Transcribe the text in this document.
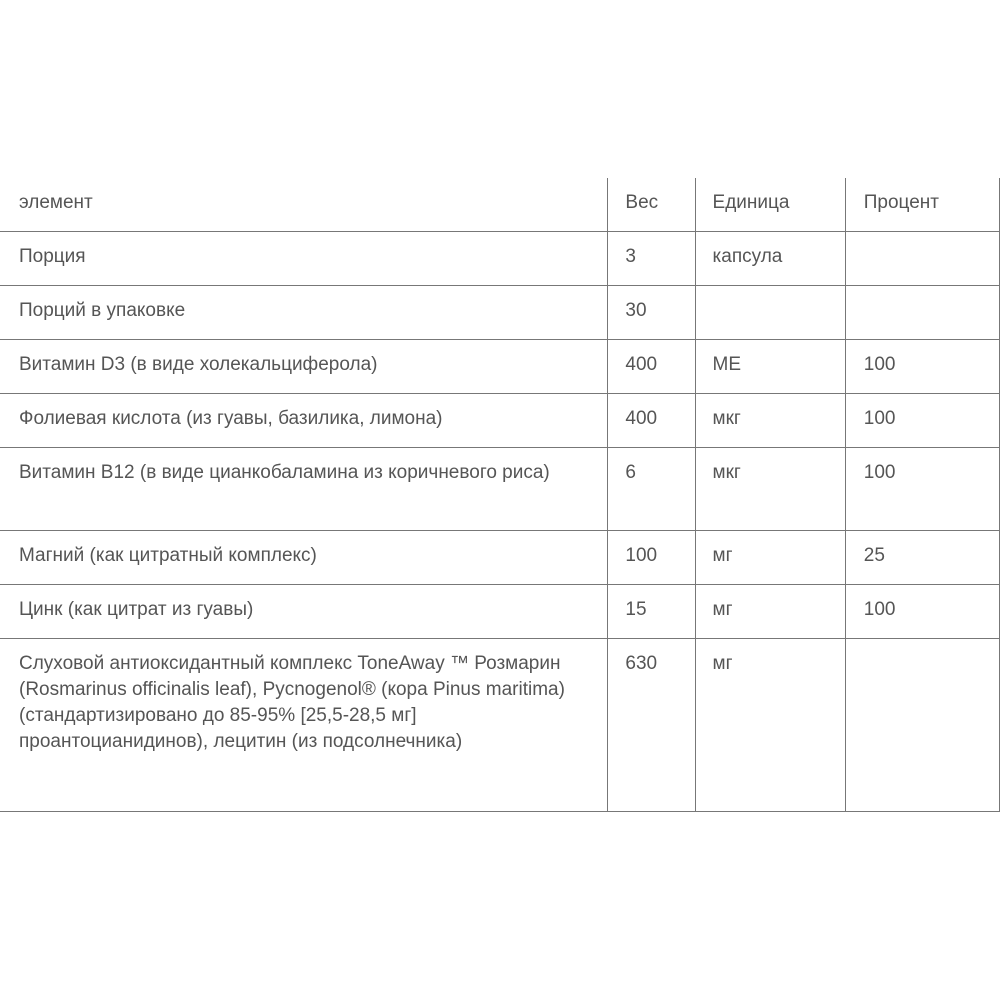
элемент	Вес	Единица	Процент
Порция	3	капсула	
Порций в упаковке	30		
Витамин D3 (в виде холекальциферола)	400	МЕ	100
Фолиевая кислота (из гуавы, базилика, лимона)	400	мкг	100
Витамин B12 (в виде цианкобаламина из коричневого риса)	6	мкг	100
Магний (как цитратный комплекс)	100	мг	25
Цинк (как цитрат из гуавы)	15	мг	100
Слуховой антиоксидантный комплекс ToneAway ™ Розмарин (Rosmarinus officinalis leaf), Pycnogenol® (кора Pinus maritima) (стандартизировано до 85-95% [25,5-28,5 мг] проантоцианидинов), лецитин (из подсолнечника)	630	мг	
